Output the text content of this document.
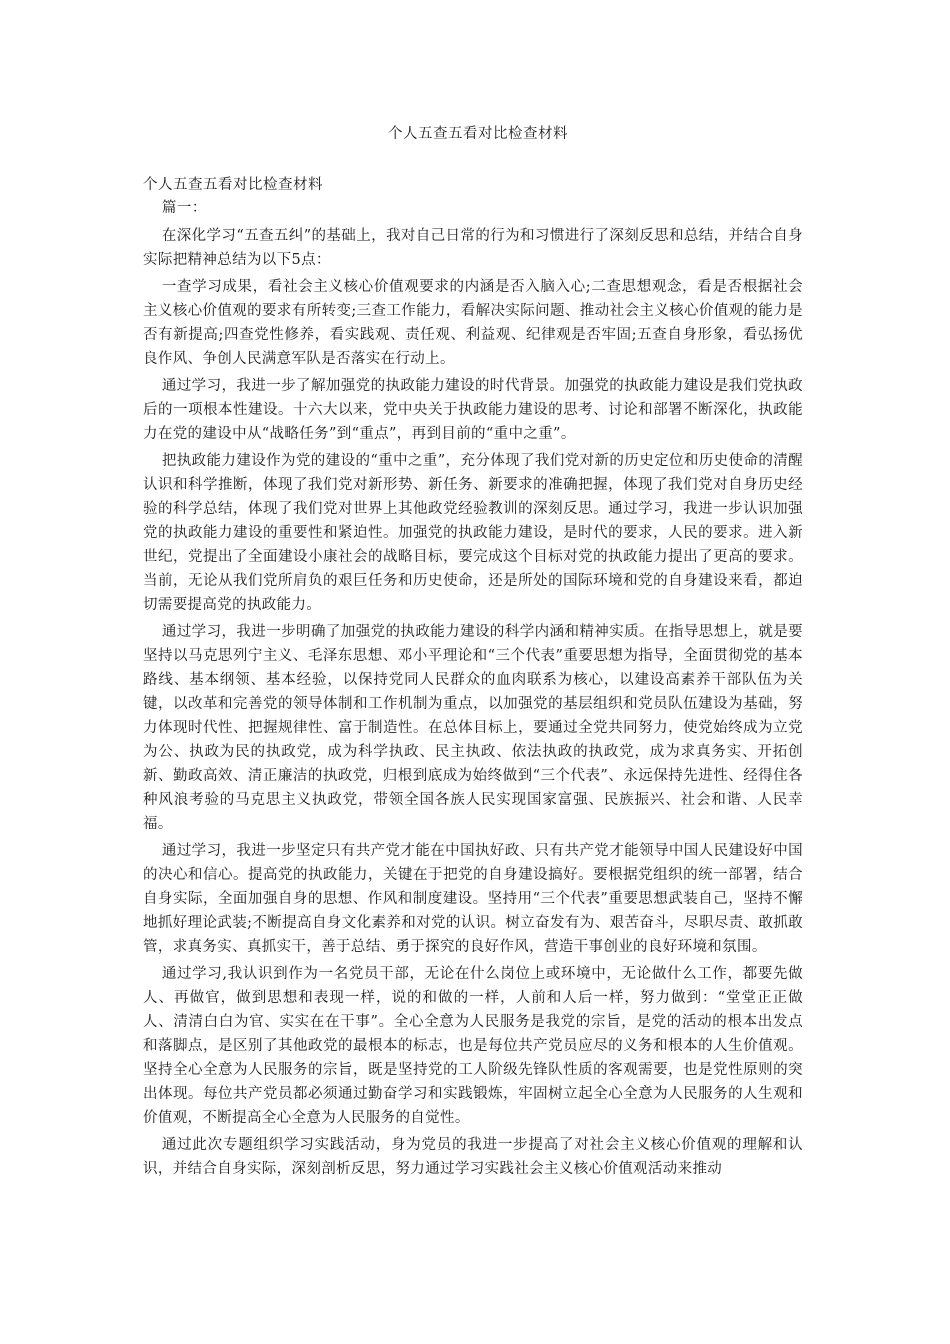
个人五查五看对比检查材料
个人五查五看对比检查材料
篇一：

在深化学习“五查五纠”的基础上，我对自己日常的行为和习惯进行了深刻反思和总结，并结合自身实际把精神总结为以下5点：

一查学习成果，看社会主义核心价值观要求的内涵是否入脑入心;二查思想观念，看是否根据社会主义核心价值观的要求有所转变;三查工作能力，看解决实际问题、推动社会主义核心价值观的能力是否有新提高;四查党性修养，看实践观、责任观、利益观、纪律观是否牢固;五查自身形象，看弘扬优良作风、争创人民满意军队是否落实在行动上。

通过学习，我进一步了解加强党的执政能力建设的时代背景。加强党的执政能力建设是我们党执政后的一项根本性建设。十六大以来，党中央关于执政能力建设的思考、讨论和部署不断深化，执政能力在党的建设中从“战略任务”到“重点”，再到目前的“重中之重”。

把执政能力建设作为党的建设的“重中之重”，充分体现了我们党对新的历史定位和历史使命的清醒认识和科学推断，体现了我们党对新形势、新任务、新要求的准确把握，体现了我们党对自身历史经验的科学总结，体现了我们党对世界上其他政党经验教训的深刻反思。通过学习，我进一步认识加强党的执政能力建设的重要性和紧迫性。加强党的执政能力建设，是时代的要求，人民的要求。进入新世纪，党提出了全面建设小康社会的战略目标，要完成这个目标对党的执政能力提出了更高的要求。当前，无论从我们党所肩负的艰巨任务和历史使命，还是所处的国际环境和党的自身建设来看，都迫切需要提高党的执政能力。

通过学习，我进一步明确了加强党的执政能力建设的科学内涵和精神实质。在指导思想上，就是要坚持以马克思列宁主义、毛泽东思想、邓小平理论和“三个代表”重要思想为指导，全面贯彻党的基本路线、基本纲领、基本经验，以保持党同人民群众的血肉联系为核心，以建设高素养干部队伍为关键，以改革和完善党的领导体制和工作机制为重点，以加强党的基层组织和党员队伍建设为基础，努力体现时代性、把握规律性、富于制造性。在总体目标上，要通过全党共同努力，使党始终成为立党为公、执政为民的执政党，成为科学执政、民主执政、依法执政的执政党，成为求真务实、开拓创新、勤政高效、清正廉洁的执政党，归根到底成为始终做到“三个代表”、永远保持先进性、经得住各种风浪考验的马克思主义执政党，带领全国各族人民实现国家富强、民族振兴、社会和谐、人民幸福。

通过学习，我进一步坚定只有共产党才能在中国执好政、只有共产党才能领导中国人民建设好中国的决心和信心。提高党的执政能力，关键在于把党的自身建设搞好。要根据党组织的统一部署，结合自身实际，全面加强自身的思想、作风和制度建设。坚持用“三个代表”重要思想武装自己，坚持不懈地抓好理论武装;不断提高自身文化素养和对党的认识。树立奋发有为、艰苦奋斗，尽职尽责、敢抓敢管，求真务实、真抓实干，善于总结、勇于探究的良好作风，营造干事创业的良好环境和氛围。

通过学习,我认识到作为一名党员干部，无论在什么岗位上或环境中，无论做什么工作，都要先做人、再做官，做到思想和表现一样，说的和做的一样，人前和人后一样，努力做到：“堂堂正正做人、清清白白为官、实实在在干事”。全心全意为人民服务是我党的宗旨，是党的活动的根本出发点和落脚点，是区别了其他政党的最根本的标志，也是每位共产党员应尽的义务和根本的人生价值观。坚持全心全意为人民服务的宗旨，既是坚持党的工人阶级先锋队性质的客观需要，也是党性原则的突出体现。每位共产党员都必须通过勤奋学习和实践锻炼，牢固树立起全心全意为人民服务的人生观和价值观，不断提高全心全意为人民服务的自觉性。

通过此次专题组织学习实践活动，身为党员的我进一步提高了对社会主义核心价值观的理解和认识，并结合自身实际，深刻剖析反思，努力通过学习实践社会主义核心价值观活动来推动
